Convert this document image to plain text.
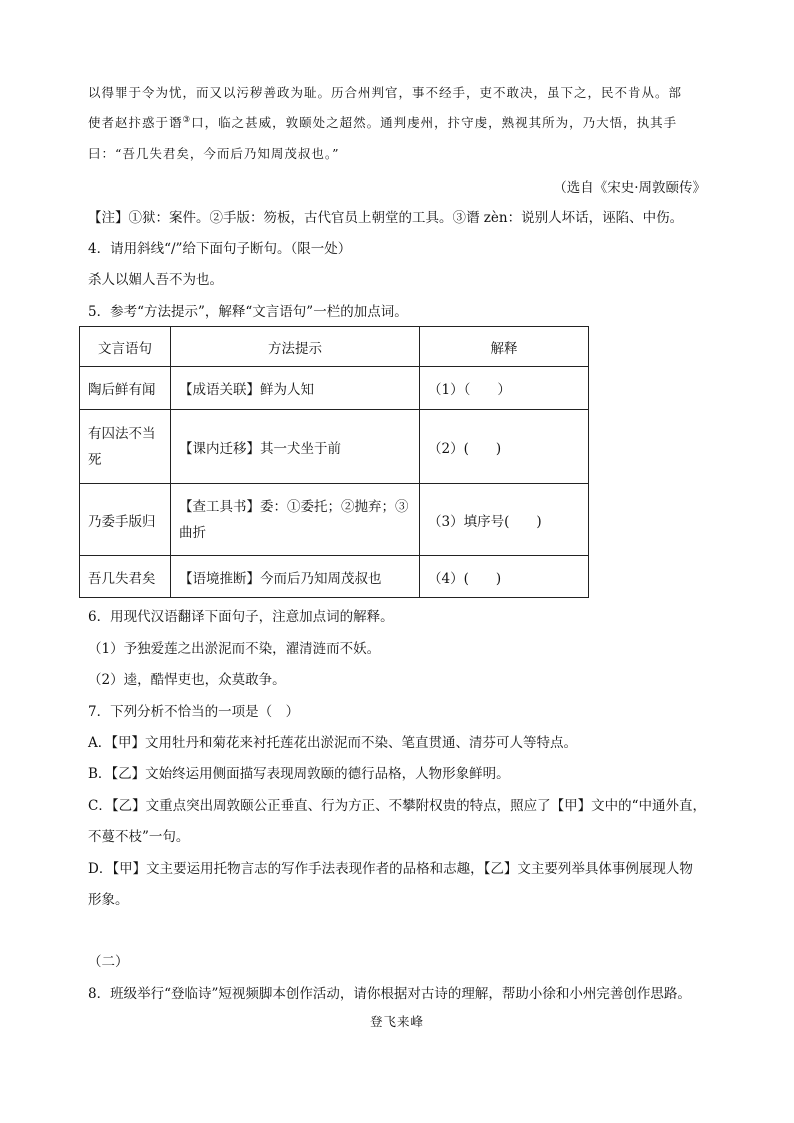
以得罪于令为忧，而又以污秽善政为耻。历合州判官，事不经手，吏不敢决，虽下之，民不肯从。部
使者赵抃惑于谮③口，临之甚威，敦颐处之超然。通判虔州，抃守虔，熟视其所为，乃大悟，执其手
曰：“吾几失君矣，今而后乃知周茂叔也。”
（选自《宋史·周敦颐传》
【注】①狱：案件。②手版：笏板，古代官员上朝堂的工具。③谮 zèn：说别人坏话，诬陷、中伤。
4．请用斜线“/”给下面句子断句。（限一处）
杀人以媚人吾不为也。
5．参考“方法提示”，解释“文言语句”一栏的加点词。
文言语句	方法提示	解释
陶后鲜有闻	【成语关联】鲜为人知	（1）（　　）
有囚法不当死	【课内迁移】其一犬坐于前	（2）(　　)
乃委手版归	【查工具书】委：①委托；②抛弃；③曲折	（3）填序号(　　)
吾几失君矣	【语境推断】今而后乃知周茂叔也	（4）(　　)
6．用现代汉语翻译下面句子，注意加点词的解释。
（1）予独爱莲之出淤泥而不染，濯清涟而不妖。
（2）逵，酷悍吏也，众莫敢争。
7．下列分析不恰当的一项是（　）
A．【甲】文用牡丹和菊花来衬托莲花出淤泥而不染、笔直贯通、清芬可人等特点。
B．【乙】文始终运用侧面描写表现周敦颐的德行品格，人物形象鲜明。
C．【乙】文重点突出周敦颐公正垂直、行为方正、不攀附权贵的特点，照应了【甲】文中的“中通外直，
不蔓不枝”一句。
D．【甲】文主要运用托物言志的写作手法表现作者的品格和志趣，【乙】文主要列举具体事例展现人物
形象。
（二）
8．班级举行“登临诗”短视频脚本创作活动，请你根据对古诗的理解，帮助小徐和小州完善创作思路。
登飞来峰
